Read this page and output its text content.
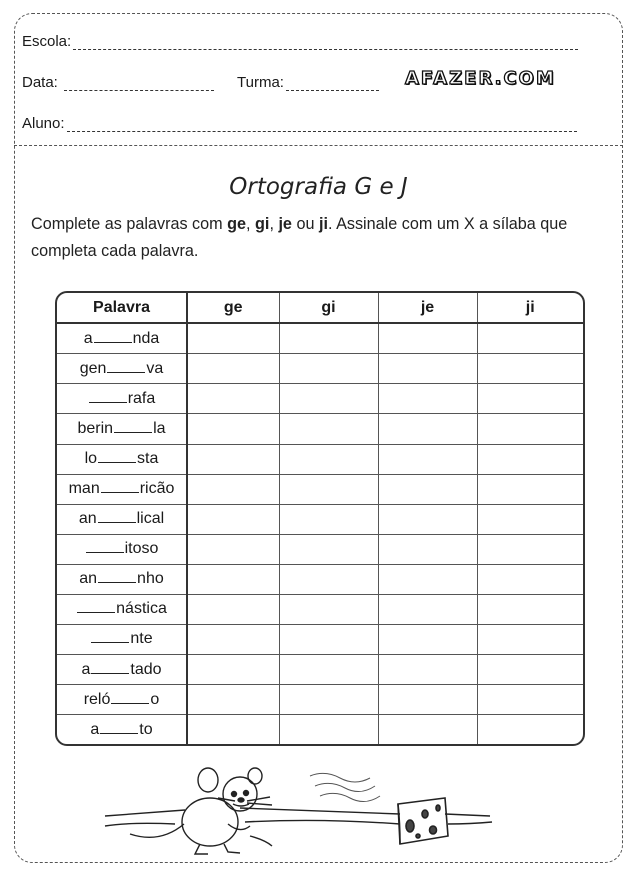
Escola:
Data:	Turma:	AFAZER.COM
Aluno:
Ortografia G e J
Complete as palavras com ge, gi, je ou ji. Assinale com um X a sílaba que completa cada palavra.
Palavra	ge	gi	je	ji
a nda				
gen va				
rafa				
berin la				
lo sta				
man ricão				
an lical				
itoso				
an nho				
nástica				
nte				
a tado				
reló o				
a to				
